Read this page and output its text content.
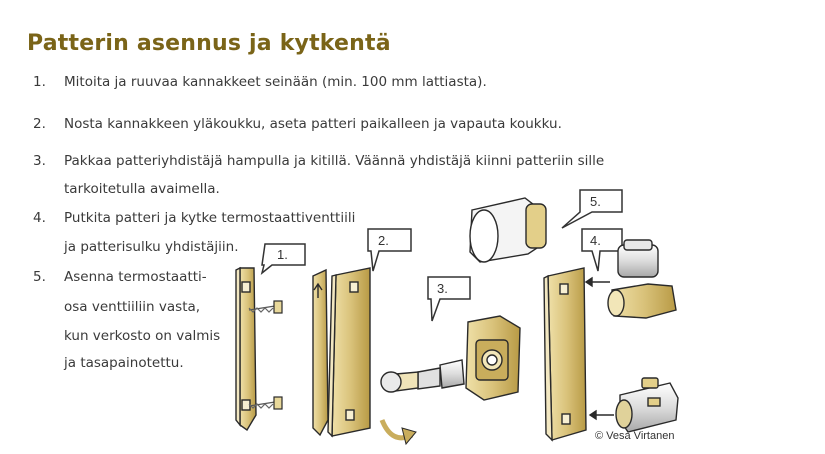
Patterin asennus ja kytkentä
1. Mitoita ja ruuvaa kannakkeet seinään (min. 100 mm lattiasta).
2. Nosta kannakkeen yläkoukku, aseta patteri paikalleen ja vapauta koukku.
3. Pakkaa patteriyhdistäjä hampulla ja kitillä. Väännä yhdistäjä kiinni patteriin sille
tarkoitetulla avaimella.
4. Putkita patteri ja kytke termostaattiventtiili
ja patterisulku yhdistäjiin.
5. Asenna termostaatti-
osa venttiiliin vasta,
kun verkosto on valmis
ja tasapainotettu.
1.
2.
3.
5.
4.
© Vesa Virtanen
